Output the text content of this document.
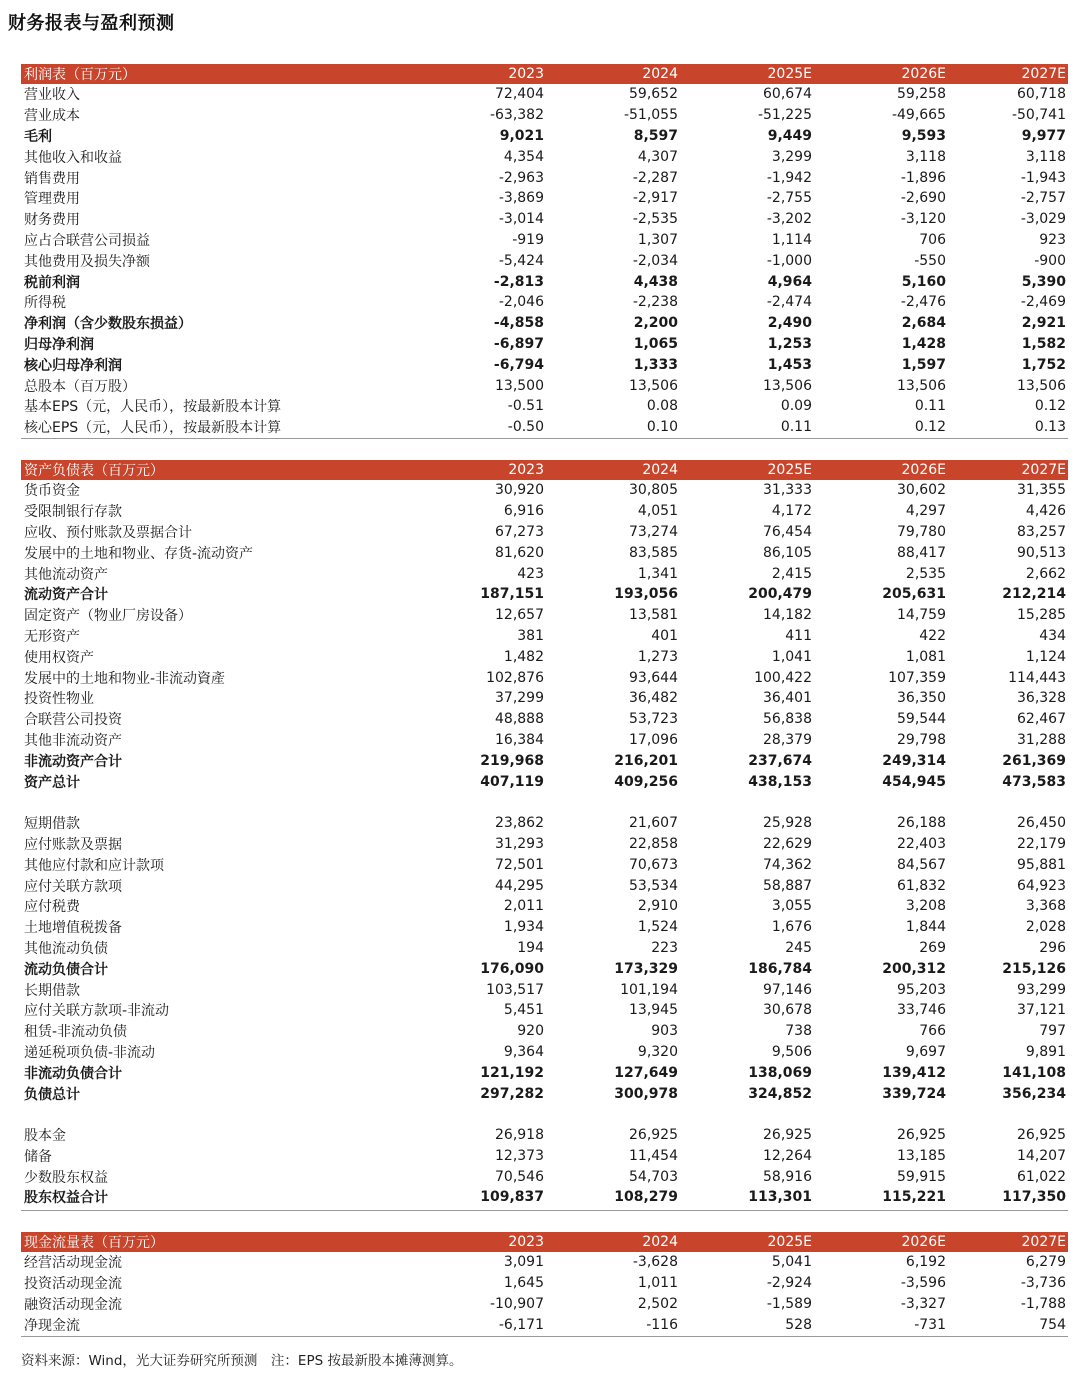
财务报表与盈利预测
利润表（百万元）	2023	2024	2025E	2026E	2027E
营业收入	72,404	59,652	60,674	59,258	60,718
营业成本	-63,382	-51,055	-51,225	-49,665	-50,741
毛利	9,021	8,597	9,449	9,593	9,977
其他收入和收益	4,354	4,307	3,299	3,118	3,118
销售费用	-2,963	-2,287	-1,942	-1,896	-1,943
管理费用	-3,869	-2,917	-2,755	-2,690	-2,757
财务费用	-3,014	-2,535	-3,202	-3,120	-3,029
应占合联营公司损益	-919	1,307	1,114	706	923
其他费用及损失净额	-5,424	-2,034	-1,000	-550	-900
税前利润	-2,813	4,438	4,964	5,160	5,390
所得税	-2,046	-2,238	-2,474	-2,476	-2,469
净利润（含少数股东损益）	-4,858	2,200	2,490	2,684	2,921
归母净利润	-6,897	1,065	1,253	1,428	1,582
核心归母净利润	-6,794	1,333	1,453	1,597	1,752
总股本（百万股）	13,500	13,506	13,506	13,506	13,506
基本EPS（元，人民币），按最新股本计算	-0.51	0.08	0.09	0.11	0.12
核心EPS（元，人民币），按最新股本计算	-0.50	0.10	0.11	0.12	0.13
资产负债表（百万元）	2023	2024	2025E	2026E	2027E
货币资金	30,920	30,805	31,333	30,602	31,355
受限制银行存款	6,916	4,051	4,172	4,297	4,426
应收、预付账款及票据合计	67,273	73,274	76,454	79,780	83,257
发展中的土地和物业、存货-流动资产	81,620	83,585	86,105	88,417	90,513
其他流动资产	423	1,341	2,415	2,535	2,662
流动资产合计	187,151	193,056	200,479	205,631	212,214
固定资产（物业厂房设备）	12,657	13,581	14,182	14,759	15,285
无形资产	381	401	411	422	434
使用权资产	1,482	1,273	1,041	1,081	1,124
发展中的土地和物业-非流动資產	102,876	93,644	100,422	107,359	114,443
投资性物业	37,299	36,482	36,401	36,350	36,328
合联营公司投资	48,888	53,723	56,838	59,544	62,467
其他非流动资产	16,384	17,096	28,379	29,798	31,288
非流动资产合计	219,968	216,201	237,674	249,314	261,369
资产总计	407,119	409,256	438,153	454,945	473,583
短期借款	23,862	21,607	25,928	26,188	26,450
应付账款及票据	31,293	22,858	22,629	22,403	22,179
其他应付款和应计款项	72,501	70,673	74,362	84,567	95,881
应付关联方款项	44,295	53,534	58,887	61,832	64,923
应付税费	2,011	2,910	3,055	3,208	3,368
土地增值税拨备	1,934	1,524	1,676	1,844	2,028
其他流动负债	194	223	245	269	296
流动负债合计	176,090	173,329	186,784	200,312	215,126
长期借款	103,517	101,194	97,146	95,203	93,299
应付关联方款项-非流动	5,451	13,945	30,678	33,746	37,121
租赁-非流动负债	920	903	738	766	797
递延税项负债-非流动	9,364	9,320	9,506	9,697	9,891
非流动负债合计	121,192	127,649	138,069	139,412	141,108
负债总计	297,282	300,978	324,852	339,724	356,234
股本金	26,918	26,925	26,925	26,925	26,925
储备	12,373	11,454	12,264	13,185	14,207
少数股东权益	70,546	54,703	58,916	59,915	61,022
股东权益合计	109,837	108,279	113,301	115,221	117,350
现金流量表（百万元）	2023	2024	2025E	2026E	2027E
经营活动现金流	3,091	-3,628	5,041	6,192	6,279
投资活动现金流	1,645	1,011	-2,924	-3,596	-3,736
融资活动现金流	-10,907	2,502	-1,589	-3,327	-1,788
净现金流	-6,171	-116	528	-731	754
资料来源：Wind，光大证券研究所预测　注：EPS 按最新股本摊薄测算。
